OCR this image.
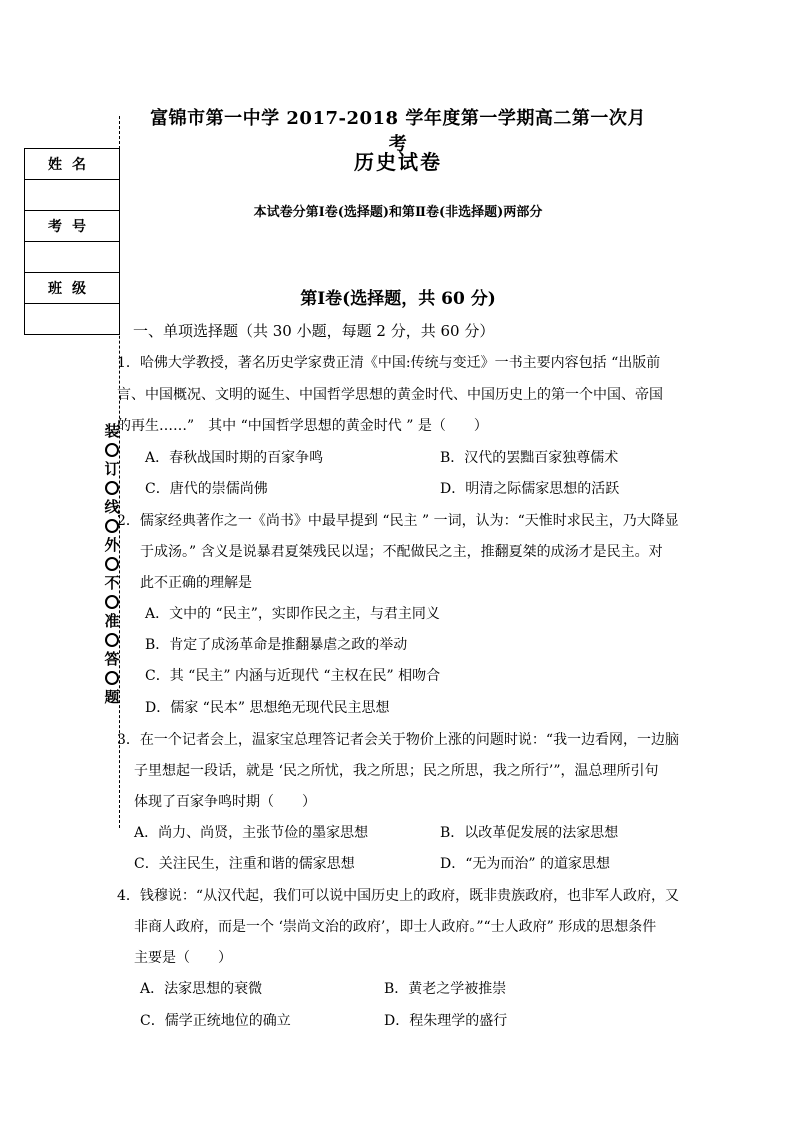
富锦市第一中学 2017-2018 学年度第一学期高二第一次月考
历史试卷
本试卷分第Ⅰ卷(选择题)和第Ⅱ卷(非选择题)两部分
姓名

考号

班级

装
订
线
外
不
准
答
题
第Ⅰ卷(选择题，共 60 分)
一、单项选择题（共 30 小题，每题 2 分，共 60 分）
1．哈佛大学教授，著名历史学家费正清《中国:传统与变迁》一书主要内容包括 “出版前
言、中国概况、文明的诞生、中国哲学思想的黄金时代、中国历史上的第一个中国、帝国
的再生……”　其中 “中国哲学思想的黄金时代 ” 是（　　）
A．春秋战国时期的百家争鸣	B．汉代的罢黜百家独尊儒术
C．唐代的崇儒尚佛	D．明清之际儒家思想的活跃
2．儒家经典著作之一《尚书》中最早提到 “民主 ” 一词，认为：“天惟时求民主，乃大降显
于成汤。” 含义是说暴君夏桀残民以逞；不配做民之主，推翻夏桀的成汤才是民主。对
此不正确的理解是
A．文中的 “民主”，实即作民之主，与君主同义
B．肯定了成汤革命是推翻暴虐之政的举动
C．其 “民主” 内涵与近现代 “主权在民” 相吻合
D．儒家 “民本” 思想绝无现代民主思想
3．在一个记者会上，温家宝总理答记者会关于物价上涨的问题时说：“我一边看网，一边脑
子里想起一段话，就是 ‘民之所忧，我之所思；民之所思，我之所行’”，温总理所引句
体现了百家争鸣时期（　　）
A．尚力、尚贤，主张节俭的墨家思想	B．以改革促发展的法家思想
C．关注民生，注重和谐的儒家思想	D．“无为而治” 的道家思想
4．钱穆说：“从汉代起，我们可以说中国历史上的政府，既非贵族政府，也非军人政府，又
非商人政府，而是一个 ‘崇尚文治的政府’，即士人政府。”“士人政府” 形成的思想条件
主要是（　　）
A．法家思想的衰微	B．黄老之学被推崇
C．儒学正统地位的确立	D．程朱理学的盛行
